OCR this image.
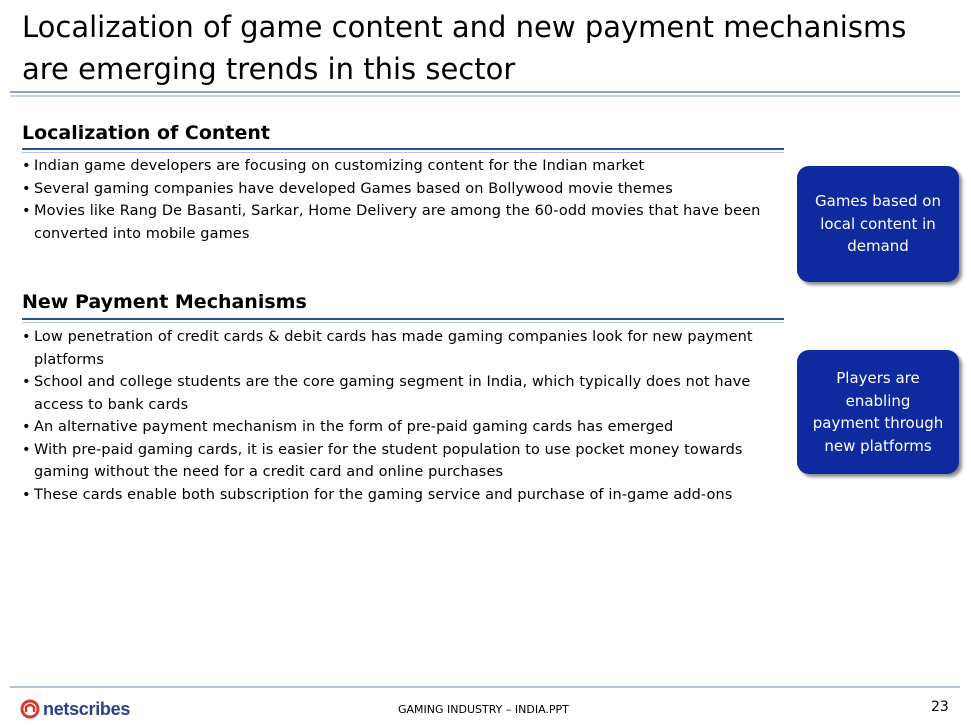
Localization of game content and new payment mechanisms are emerging trends in this sector
Localization of Content
• Indian game developers are focusing on customizing content for the Indian market
• Several gaming companies have developed Games based on Bollywood movie themes
• Movies like Rang De Basanti, Sarkar, Home Delivery are among the 60-odd movies that have been converted into mobile games
Games based on local content in demand
New Payment Mechanisms
• Low penetration of credit cards & debit cards has made gaming companies look for new payment platforms
• School and college students are the core gaming segment in India, which typically does not have access to bank cards
• An alternative payment mechanism in the form of pre-paid gaming cards has emerged
• With pre-paid gaming cards, it is easier for the student population to use pocket money towards gaming without the need for a credit card and online purchases
• These cards enable both subscription for the gaming service and purchase of in-game add-ons
Players are enabling payment through new platforms
netscribes	GAMING INDUSTRY – INDIA.PPT	23
